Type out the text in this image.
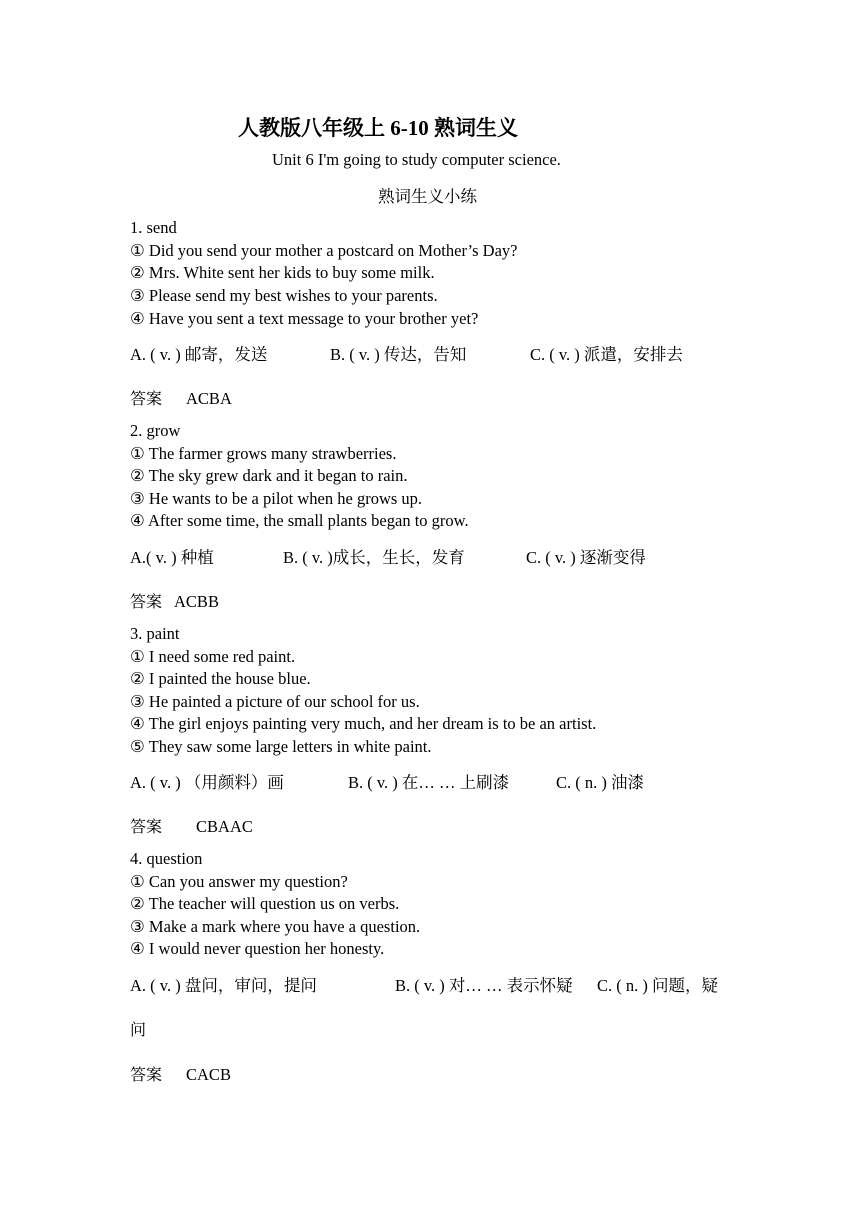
人教版八年级上 6-10 熟词生义
Unit 6 I'm going to study computer science.
熟词生义小练
1. send
① Did you send your mother a postcard on Mother’s Day?
② Mrs. White sent her kids to buy some milk.
③ Please send my best wishes to your parents.
④ Have you sent a text message to your brother yet?
A. ( v. ) 邮寄，发送	B. ( v. ) 传达，告知	C. ( v. ) 派遣，安排去
答案 ACBA
2. grow
① The farmer grows many strawberries.
② The sky grew dark and it began to rain.
③ He wants to be a pilot when he grows up.
④ After some time, the small plants began to grow.
A.( v. ) 种植	B. ( v. )成长，生长，发育	C. ( v. ) 逐渐变得
答案 ACBB
3. paint
① I need some red paint.
② I painted the house blue.
③ He painted a picture of our school for us.
④ The girl enjoys painting very much, and her dream is to be an artist.
⑤ They saw some large letters in white paint.
A. ( v. ) （用颜料）画	B. ( v. ) 在… … 上刷漆	C. ( n. ) 油漆
答案 CBAAC
4. question
① Can you answer my question?
② The teacher will question us on verbs.
③ Make a mark where you have a question.
④ I would never question her honesty.
A. ( v. ) 盘问，审问，提问	B. ( v. ) 对… … 表示怀疑 C. ( n. ) 问题，疑
问
答案 CACB
